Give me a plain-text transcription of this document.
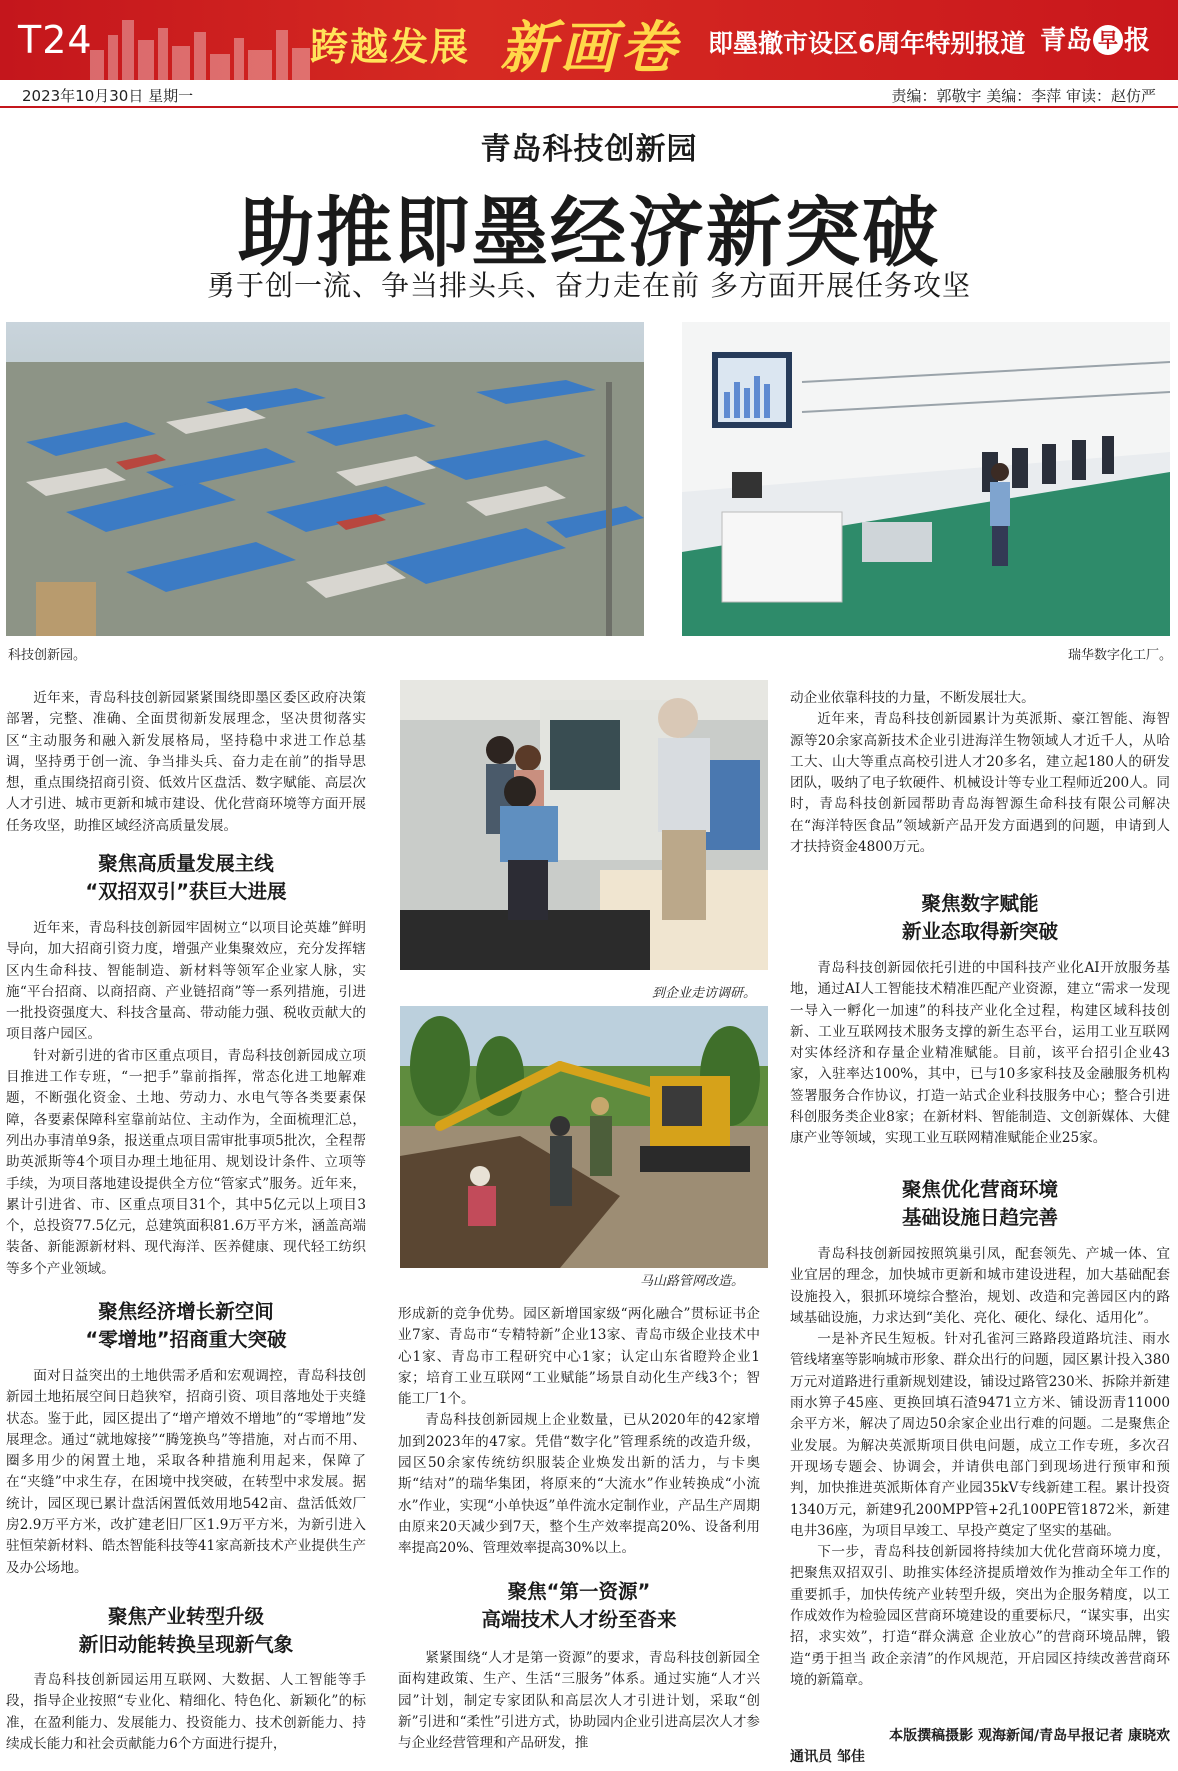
T24	跨越发展 新画卷 即墨撤市设区6周年特别报道 青岛 早 报
2023年10月30日 星期一	责编：郭敬宇 美编：李萍 审读：赵仿严
青岛科技创新园
助推即墨经济新突破
勇于创一流、争当排头兵、奋力走在前 多方面开展任务攻坚
科技创新园。	瑞华数字化工厂。
到企业走访调研。
马山路管网改造。

近年来，青岛科技创新园紧紧围绕即墨区委区政府决策部署，完整、准确、全面贯彻新发展理念，坚决贯彻落实区“主动服务和融入新发展格局，坚持稳中求进工作总基调，坚持勇于创一流、争当排头兵、奋力走在前”的指导思想，重点围绕招商引资、低效片区盘活、数字赋能、高层次人才引进、城市更新和城市建设、优化营商环境等方面开展任务攻坚，助推区域经济高质量发展。

聚焦高质量发展主线
“双招双引”获巨大进展

近年来，青岛科技创新园牢固树立“以项目论英雄”鲜明导向，加大招商引资力度，增强产业集聚效应，充分发挥辖区内生命科技、智能制造、新材料等领军企业家人脉，实施“平台招商、以商招商、产业链招商”等一系列措施，引进一批投资强度大、科技含量高、带动能力强、税收贡献大的项目落户园区。

针对新引进的省市区重点项目，青岛科技创新园成立项目推进工作专班，“一把手”靠前指挥，常态化进工地解难题，不断强化资金、土地、劳动力、水电气等各类要素保障，各要素保障科室靠前站位、主动作为，全面梳理汇总，列出办事清单9条，报送重点项目需审批事项5批次，全程帮助英派斯等4个项目办理土地征用、规划设计条件、立项等手续，为项目落地建设提供全方位“管家式”服务。近年来，累计引进省、市、区重点项目31个，其中5亿元以上项目3个，总投资77.5亿元，总建筑面积81.6万平方米，涵盖高端装备、新能源新材料、现代海洋、医养健康、现代轻工纺织等多个产业领域。

聚焦经济增长新空间
“零增地”招商重大突破

面对日益突出的土地供需矛盾和宏观调控，青岛科技创新园土地拓展空间日趋狭窄，招商引资、项目落地处于夹缝状态。鉴于此，园区提出了“增产增效不增地”的“零增地”发展理念。通过“就地嫁接”“腾笼换鸟”等措施，对占而不用、圈多用少的闲置土地，采取各种措施利用起来，保障了在“夹缝”中求生存，在困境中找突破，在转型中求发展。据统计，园区现已累计盘活闲置低效用地542亩、盘活低效厂房2.9万平方米，改扩建老旧厂区1.9万平方米，为新引进入驻恒荣新材料、皓杰智能科技等41家高新技术产业提供生产及办公场地。

聚焦产业转型升级
新旧动能转换呈现新气象

青岛科技创新园运用互联网、大数据、人工智能等手段，指导企业按照“专业化、精细化、特色化、新颖化”的标准，在盈利能力、发展能力、投资能力、技术创新能力、持续成长能力和社会贡献能力6个方面进行提升，

形成新的竞争优势。园区新增国家级“两化融合”贯标证书企业7家、青岛市“专精特新”企业13家、青岛市级企业技术中心1家、青岛市工程研究中心1家；认定山东省瞪羚企业1家；培育工业互联网“工业赋能”场景自动化生产线3个；智能工厂1个。

青岛科技创新园规上企业数量，已从2020年的42家增加到2023年的47家。凭借“数字化”管理系统的改造升级，园区50余家传统纺织服装企业焕发出新的活力，与卡奥斯“结对”的瑞华集团，将原来的“大流水”作业转换成“小流水”作业，实现“小单快返”单件流水定制作业，产品生产周期由原来20天减少到7天，整个生产效率提高20%、设备利用率提高20%、管理效率提高30%以上。

聚焦“第一资源”
高端技术人才纷至沓来

紧紧围绕“人才是第一资源”的要求，青岛科技创新园全面构建政策、生产、生活“三服务”体系。通过实施“人才兴园”计划，制定专家团队和高层次人才引进计划，采取“创新”引进和“柔性”引进方式，协助园内企业引进高层次人才参与企业经营管理和产品研发，推

动企业依靠科技的力量，不断发展壮大。

近年来，青岛科技创新园累计为英派斯、豪江智能、海智源等20余家高新技术企业引进海洋生物领域人才近千人，从哈工大、山大等重点高校引进人才20多名，建立起180人的研发团队，吸纳了电子软硬件、机械设计等专业工程师近200人。同时，青岛科技创新园帮助青岛海智源生命科技有限公司解决在“海洋特医食品”领域新产品开发方面遇到的问题，申请到人才扶持资金4800万元。

聚焦数字赋能
新业态取得新突破

青岛科技创新园依托引进的中国科技产业化AI开放服务基地，通过AI人工智能技术精准匹配产业资源，建立“需求一发现一导入一孵化一加速”的科技产业化全过程，构建区域科技创新、工业互联网技术服务支撑的新生态平台，运用工业互联网对实体经济和存量企业精准赋能。目前，该平台招引企业43家，入驻率达100%，其中，已与10多家科技及金融服务机构签署服务合作协议，打造一站式企业科技服务中心；整合引进科创服务类企业8家；在新材料、智能制造、文创新媒体、大健康产业等领域，实现工业互联网精准赋能企业25家。

聚焦优化营商环境
基础设施日趋完善

青岛科技创新园按照筑巢引凤，配套领先、产城一体、宜业宜居的理念，加快城市更新和城市建设进程，加大基础配套设施投入，狠抓环境综合整治，规划、改造和完善园区内的路域基础设施，力求达到“美化、亮化、硬化、绿化、适用化”。

一是补齐民生短板。针对孔雀河三路路段道路坑洼、雨水管线堵塞等影响城市形象、群众出行的问题，园区累计投入380万元对道路进行重新规划建设，铺设过路管230米、拆除并新建雨水箅子45座、更换回填石渣9471立方米、铺设沥青11000余平方米，解决了周边50余家企业出行难的问题。二是聚焦企业发展。为解决英派斯项目供电问题，成立工作专班，多次召开现场专题会、协调会，并请供电部门到现场进行预审和预判，加快推进英派斯体育产业园35kV专线新建工程。累计投资1340万元，新建9孔200MPP管+2孔100PE管1872米，新建电井36座，为项目早竣工、早投产奠定了坚实的基础。

下一步，青岛科技创新园将持续加大优化营商环境力度，把聚焦双招双引、助推实体经济提质增效作为推动全年工作的重要抓手，加快传统产业转型升级，突出为企服务精度，以工作成效作为检验园区营商环境建设的重要标尺，“谋实事，出实招，求实效”，打造“群众满意 企业放心”的营商环境品牌，锻造“勇于担当 政企亲清”的作风规范，开启园区持续改善营商环境的新篇章。

本版撰稿摄影 观海新闻/青岛早报记者 康晓欢
通讯员 邹佳
